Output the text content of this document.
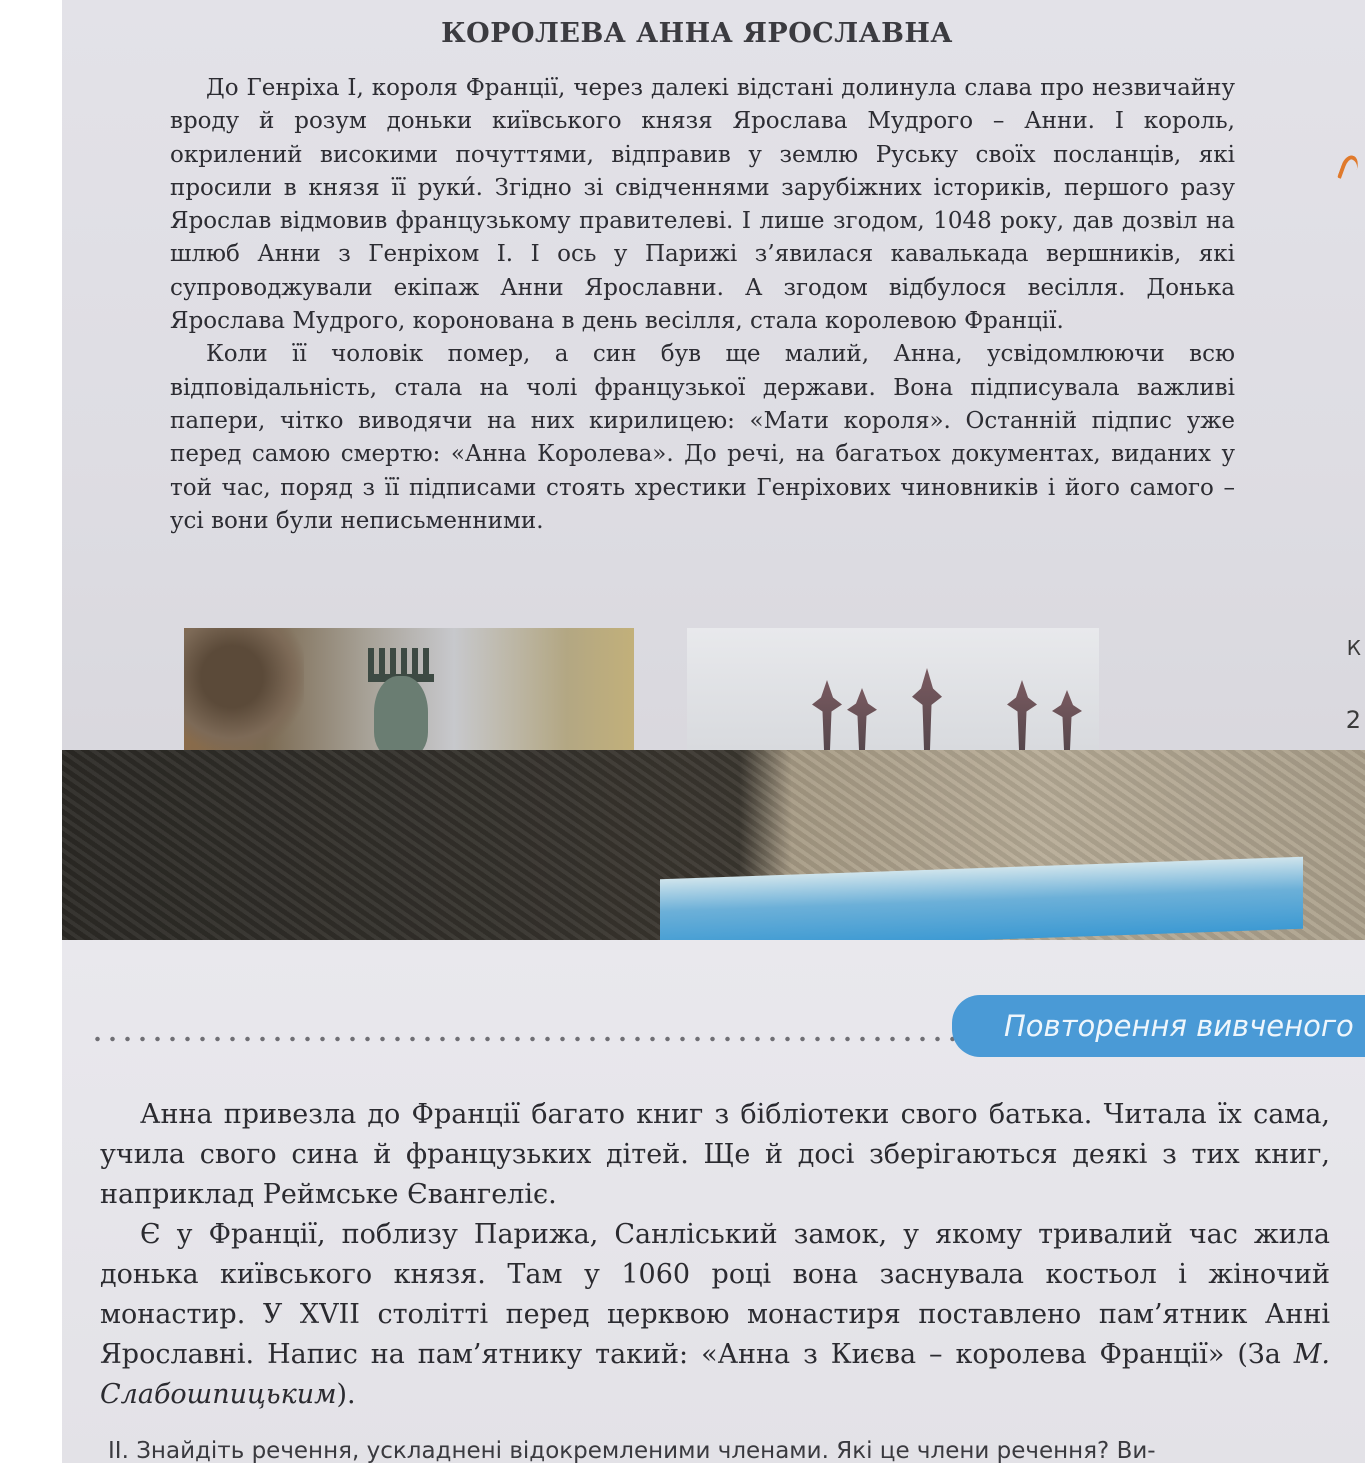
КОРОЛЕВА АННА ЯРОСЛАВНА

До Генріха І, короля Франції, через далекі відстані долинула слава про незвичайну вроду й розум доньки київського князя Ярослава Мудрого – Анни. І король, окрилений високими почуттями, відправив у землю Руську своїх посланців, які просили в князя її руки́. Згідно зі свідченнями зарубіжних істориків, першого разу Ярослав відмовив французькому правителеві. І лише згодом, 1048 року, дав дозвіл на шлюб Анни з Генріхом І. І ось у Парижі з’явилася кавалькада вершників, які супроводжували екіпаж Анни Ярославни. А згодом відбулося весілля. Донька Ярослава Мудрого, коронована в день весілля, стала королевою Франції.

Коли її чоловік помер, а син був ще малий, Анна, усвідомлюючи всю відповідальність, стала на чолі французької держави. Вона підписувала важливі папери, чітко виводячи на них кирилицею: «Мати короля». Останній підпис уже перед самою смертю: «Анна Королева». До речі, на багатьох документах, виданих у той час, поряд з її підписами стоять хрестики Генріхових чиновників і його самого – усі вони були неписьменними.

К
2
Повторення вивченого

Анна привезла до Франції багато книг з бібліотеки свого батька. Читала їх сама, учила свого сина й французьких дітей. Ще й досі зберігаються деякі з тих книг, наприклад Реймське Євангеліє.

Є у Франції, поблизу Парижа, Санліський замок, у якому тривалий час жила донька київського князя. Там у 1060 році вона заснувала костьол і жіночий монастир. У XVII столітті перед церквою монастиря поставлено пам’ятник Анні Ярославні. Напис на пам’ятнику такий: «Анна з Києва – королева Франції» (За М. Слабошпицьким).

II. Знайдіть речення, ускладнені відокремленими членами. Які це члени речення? Ви-
